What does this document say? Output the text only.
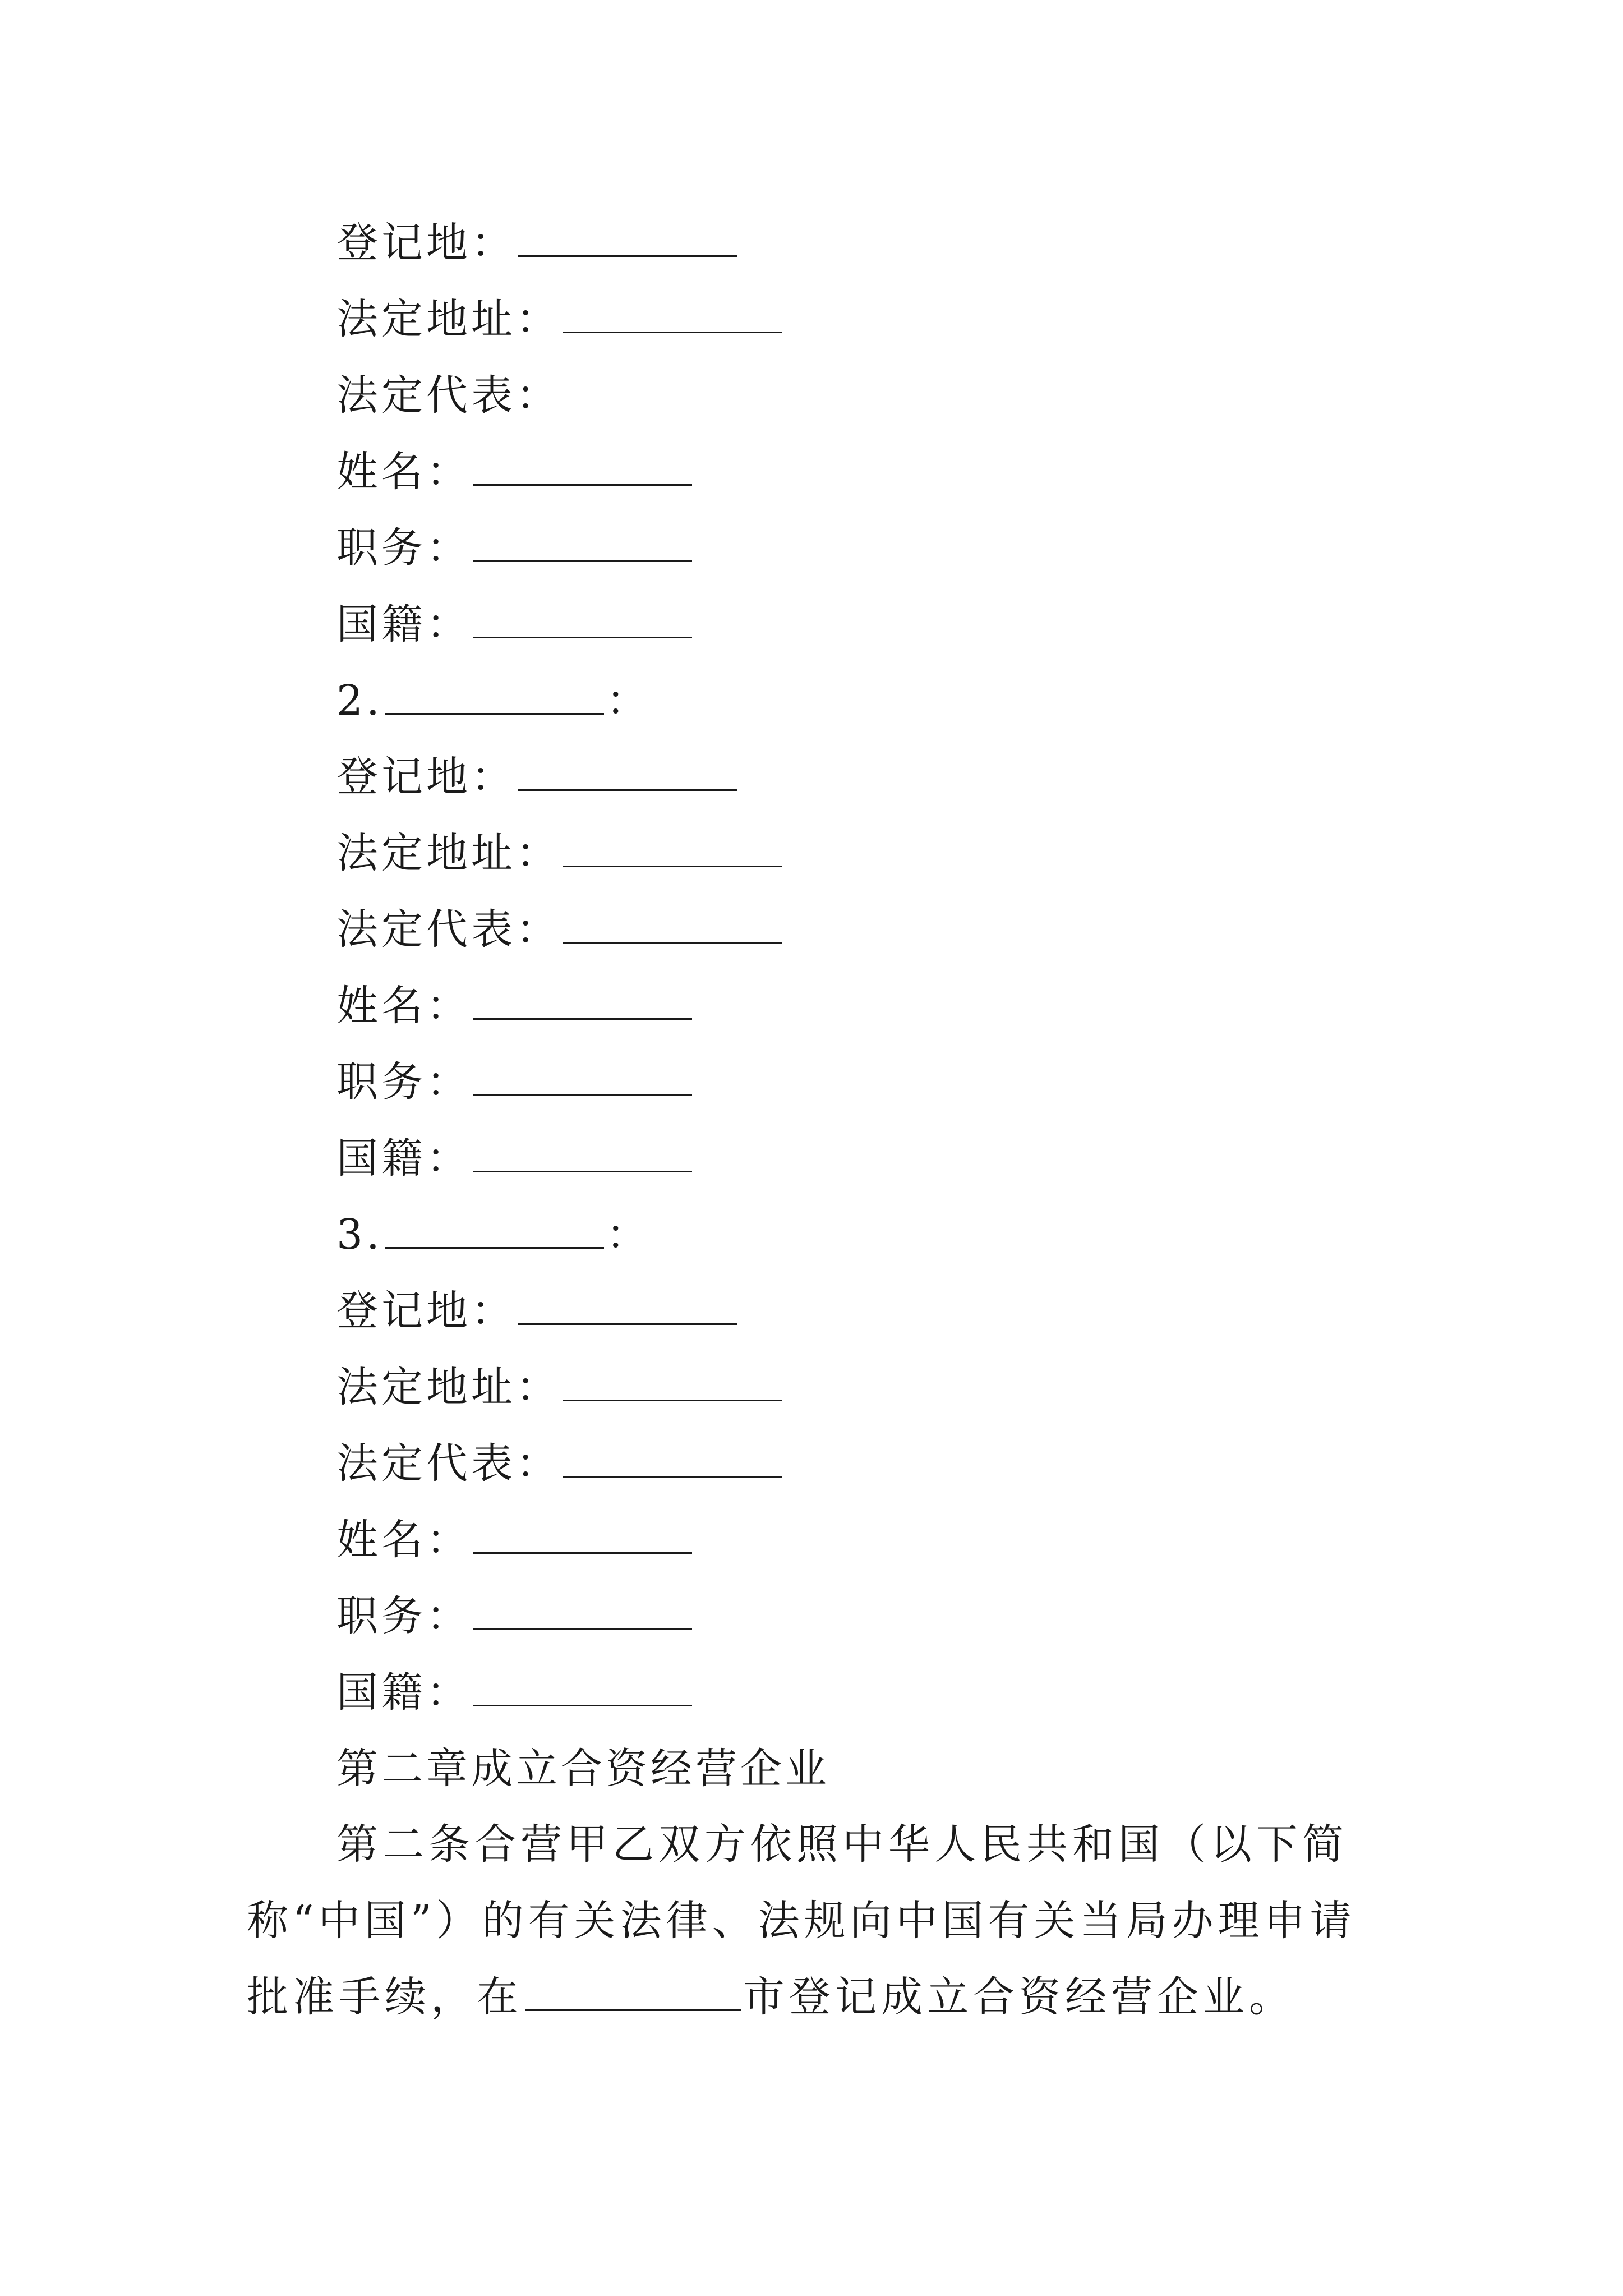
登记地：
法定地址：
法定代表：
姓名：
职务：
国籍：
2.	：
登记地：
法定地址：
法定代表：
姓名：
职务：
国籍：
3.	：
登记地：
法定地址：
法定代表：
姓名：
职务：
国籍：
第二章成立合资经营企业
第二条合营甲乙双方依照中华人民共和国（以下简称“中国”）的有关法律、法规向中国有关当局办理申请批准手续，在	市登记成立合资经营企业。
